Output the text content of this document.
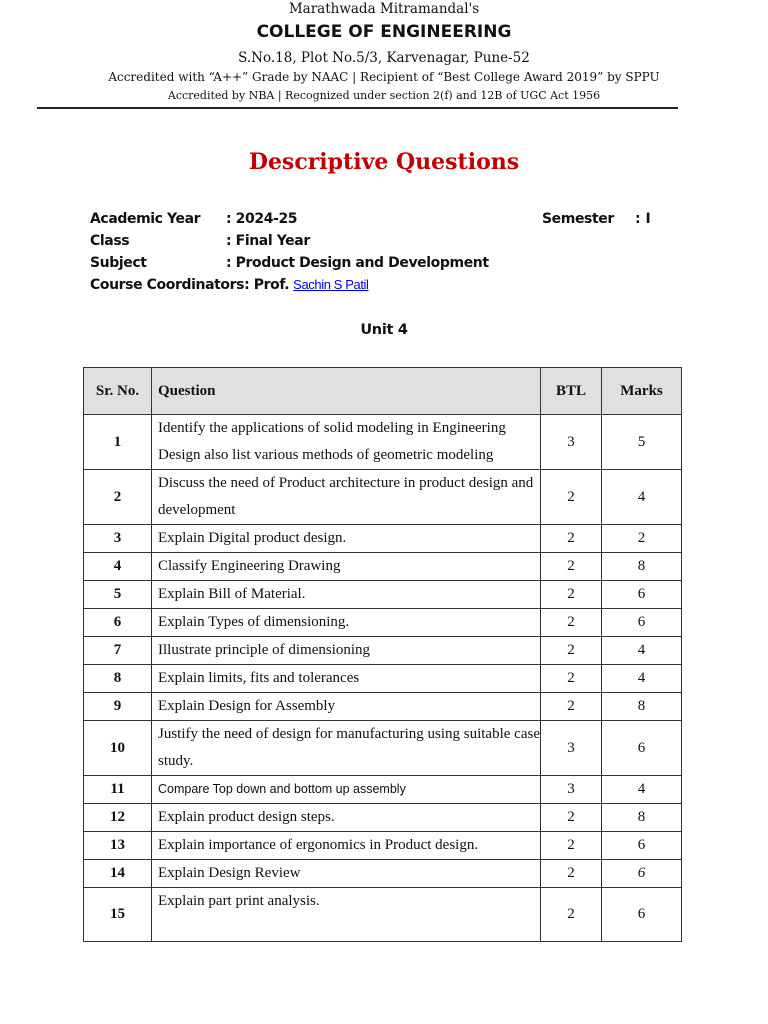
Marathwada Mitramandal's
COLLEGE OF ENGINEERING
S.No.18, Plot No.5/3, Karvenagar, Pune-52
Accredited with “A++” Grade by NAAC | Recipient of “Best College Award 2019” by SPPU
Accredited by NBA | Recognized under section 2(f) and 12B of UGC Act 1956
Descriptive Questions
Academic Year : 2024-25	Semester : I
Class	: Final Year
Subject	: Product Design and Development
Course Coordinators: Prof. Sachin S Patil
Unit 4
Sr. No.	Question	BTL	Marks
1	Identify the applications of solid modeling in Engineering Design also list various methods of geometric modeling	3	5
2	Discuss the need of Product architecture in product design and development	2	4
3	Explain Digital product design.	2	2
4	Classify Engineering Drawing	2	8
5	Explain Bill of Material.	2	6
6	Explain Types of dimensioning.	2	6
7	Illustrate principle of dimensioning	2	4
8	Explain limits, fits and tolerances	2	4
9	Explain Design for Assembly	2	8
10	Justify the need of design for manufacturing using suitable case study.	3	6
11	Compare Top down and bottom up assembly	3	4
12	Explain product design steps.	2	8
13	Explain importance of ergonomics in Product design.	2	6
14	Explain Design Review	2	6
15	Explain part print analysis.	2	6
